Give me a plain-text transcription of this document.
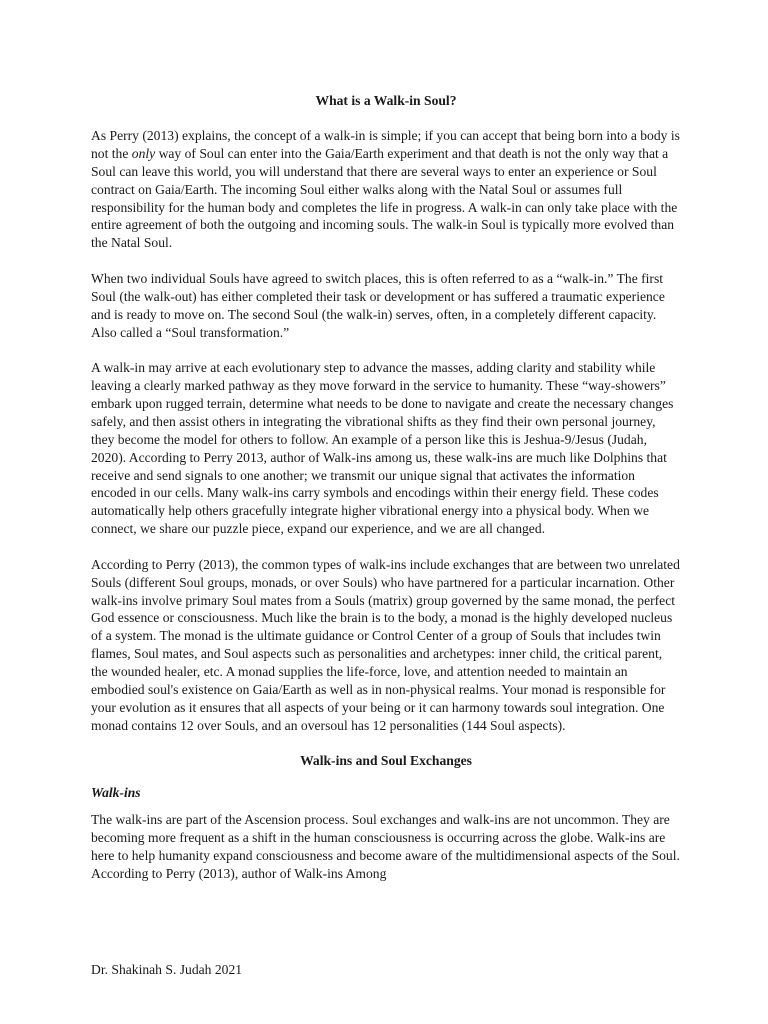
What is a Walk-in Soul?

As Perry (2013) explains, the concept of a walk-in is simple; if you can accept that being born into a body is not the only way of Soul can enter into the Gaia/Earth experiment and that death is not the only way that a Soul can leave this world, you will understand that there are several ways to enter an experience or Soul contract on Gaia/Earth. The incoming Soul either walks along with the Natal Soul or assumes full responsibility for the human body and completes the life in progress. A walk-in can only take place with the entire agreement of both the outgoing and incoming souls. The walk-in Soul is typically more evolved than the Natal Soul.

When two individual Souls have agreed to switch places, this is often referred to as a “walk-in.” The first Soul (the walk-out) has either completed their task or development or has suffered a traumatic experience and is ready to move on. The second Soul (the walk-in) serves, often, in a completely different capacity. Also called a “Soul transformation.”

A walk-in may arrive at each evolutionary step to advance the masses, adding clarity and stability while leaving a clearly marked pathway as they move forward in the service to humanity. These “way-showers” embark upon rugged terrain, determine what needs to be done to navigate and create the necessary changes safely, and then assist others in integrating the vibrational shifts as they find their own personal journey, they become the model for others to follow. An example of a person like this is Jeshua-9/Jesus (Judah, 2020). According to Perry 2013, author of Walk-ins among us, these walk-ins are much like Dolphins that receive and send signals to one another; we transmit our unique signal that activates the information encoded in our cells. Many walk-ins carry symbols and encodings within their energy field. These codes automatically help others gracefully integrate higher vibrational energy into a physical body. When we connect, we share our puzzle piece, expand our experience, and we are all changed.

According to Perry (2013), the common types of walk-ins include exchanges that are between two unrelated Souls (different Soul groups, monads, or over Souls) who have partnered for a particular incarnation. Other walk-ins involve primary Soul mates from a Souls (matrix) group governed by the same monad, the perfect God essence or consciousness. Much like the brain is to the body, a monad is the highly developed nucleus of a system. The monad is the ultimate guidance or Control Center of a group of Souls that includes twin flames, Soul mates, and Soul aspects such as personalities and archetypes: inner child, the critical parent, the wounded healer, etc. A monad supplies the life-force, love, and attention needed to maintain an embodied soul's existence on Gaia/Earth as well as in non-physical realms. Your monad is responsible for your evolution as it ensures that all aspects of your being or it can harmony towards soul integration. One monad contains 12 over Souls, and an oversoul has 12 personalities (144 Soul aspects).

Walk-ins and Soul Exchanges
Walk-ins

The walk-ins are part of the Ascension process. Soul exchanges and walk-ins are not uncommon. They are becoming more frequent as a shift in the human consciousness is occurring across the globe. Walk-ins are here to help humanity expand consciousness and become aware of the multidimensional aspects of the Soul. According to Perry (2013), author of Walk-ins Among

Dr. Shakinah S. Judah 2021
